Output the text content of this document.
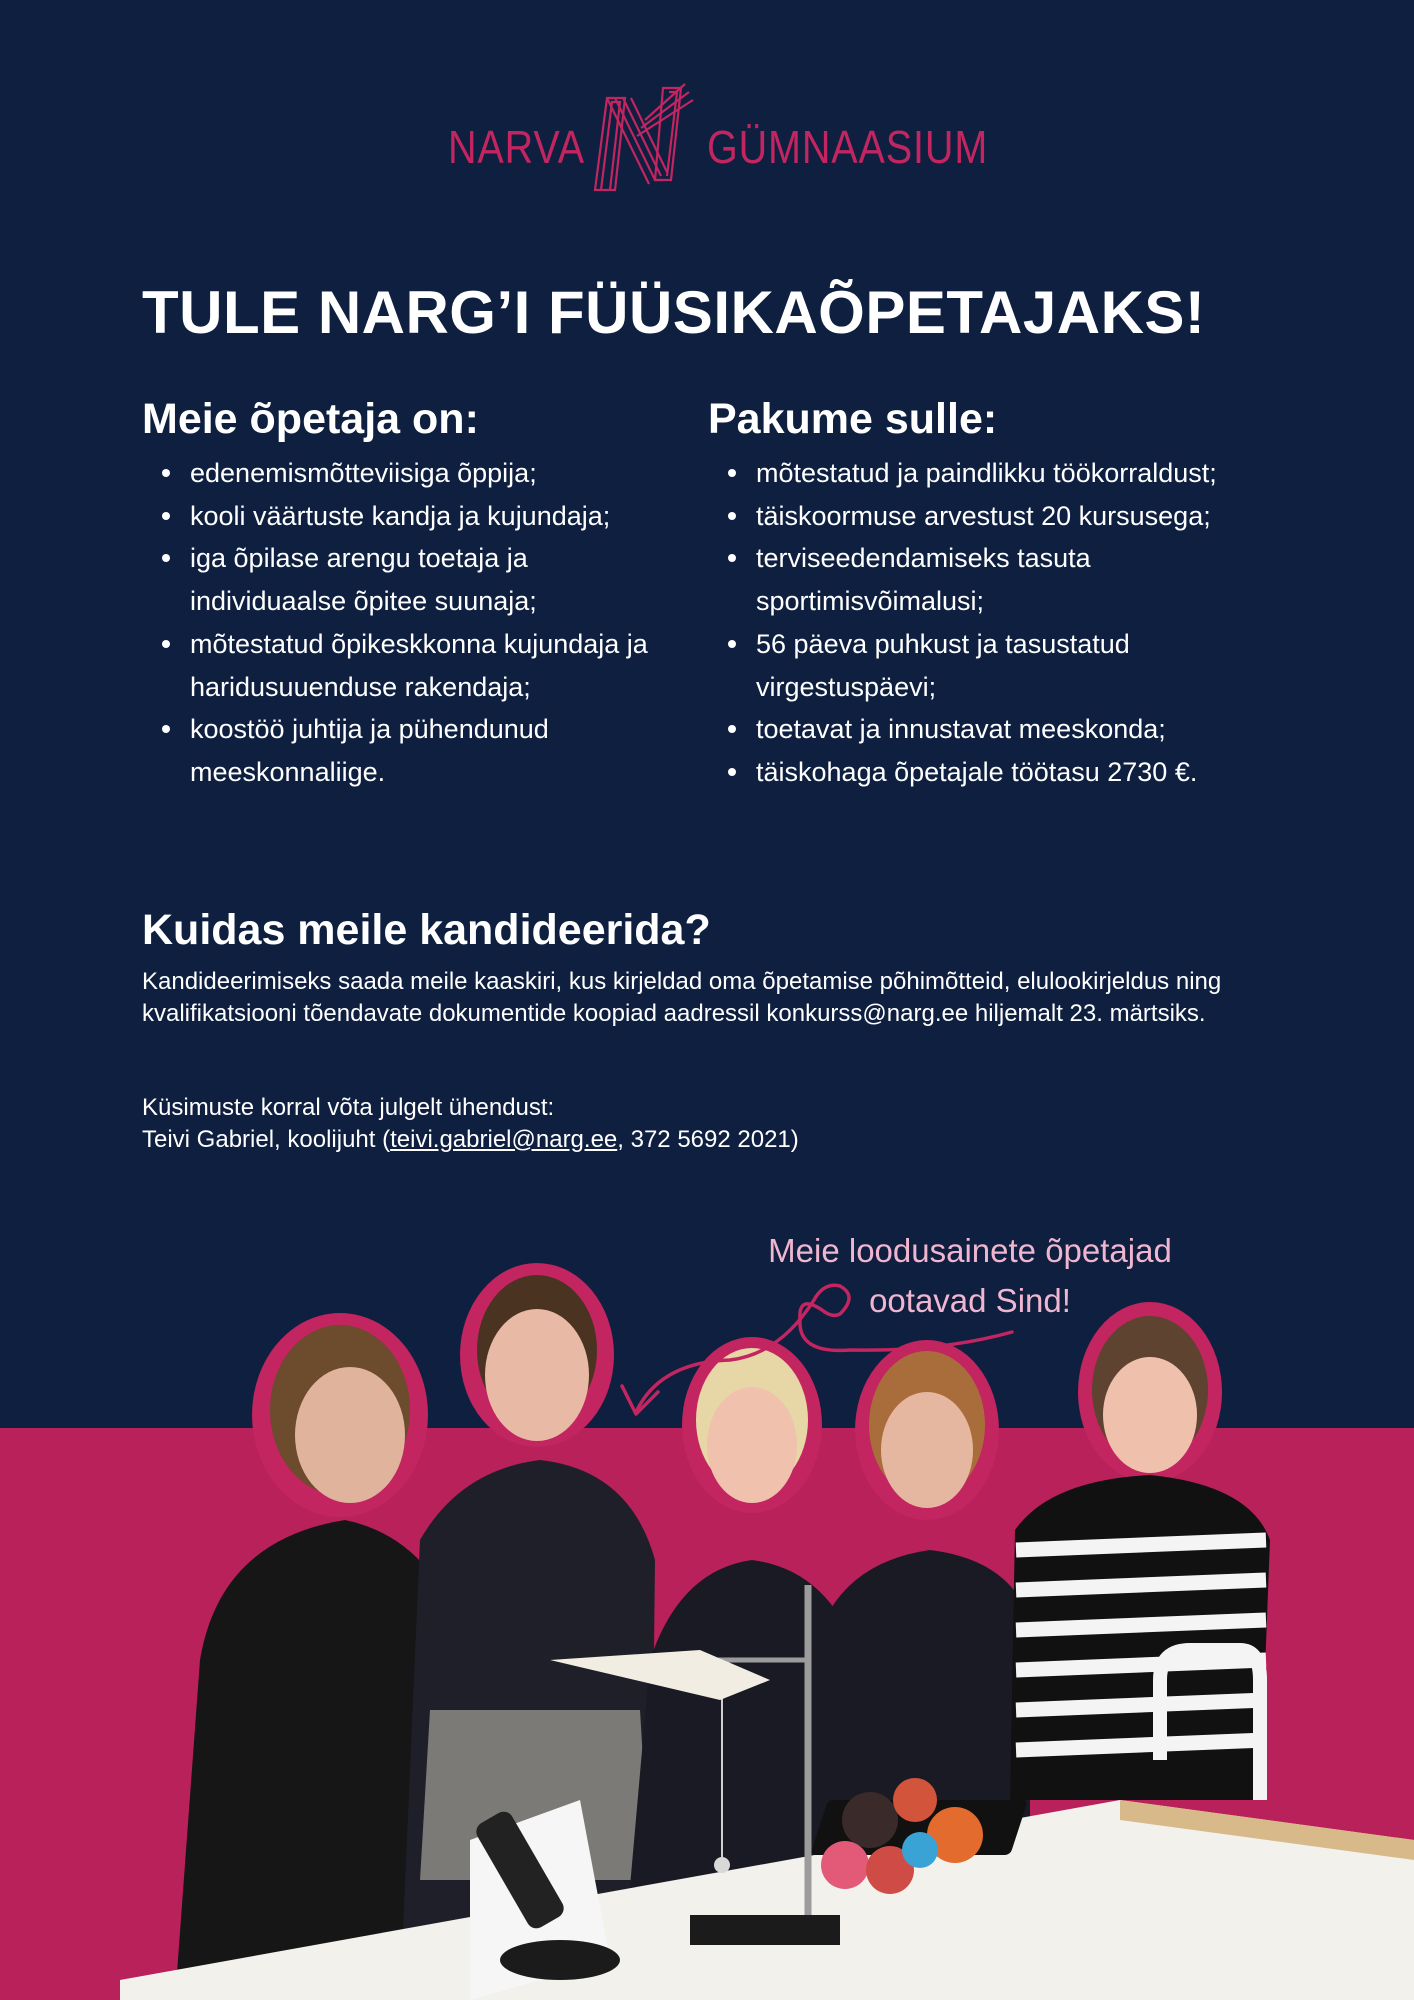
NARVA	GÜMNAASIUM
TULE NARG’I FÜÜSIKAÕPETAJAKS!
Meie õpetaja on:
edenemismõtteviisiga õppija;
kooli väärtuste kandja ja kujundaja;
iga õpilase arengu toetaja ja individuaalse õpitee suunaja;
mõtestatud õpikeskkonna kujundaja ja haridusuuenduse rakendaja;
koostöö juhtija ja pühendunud meeskonnaliige.
Pakume sulle:
mõtestatud ja paindlikku töökorraldust;
täiskoormuse arvestust 20 kursusega;
terviseedendamiseks tasuta sportimisvõimalusi;
56 päeva puhkust ja tasustatud virgestuspäevi;
toetavat ja innustavat meeskonda;
täiskohaga õpetajale töötasu 2730 €.
Kuidas meile kandideerida?
Kandideerimiseks saada meile kaaskiri, kus kirjeldad oma õpetamise põhimõtteid, elulookirjeldus ning kvalifikatsiooni tõendavate dokumentide koopiad aadressil konkurss@narg.ee hiljemalt 23. märtsiks.
Küsimuste korral võta julgelt ühendust:
Teivi Gabriel, koolijuht (teivi.gabriel@narg.ee, 372 5692 2021)
Meie loodusainete õpetajad
ootavad Sind!
